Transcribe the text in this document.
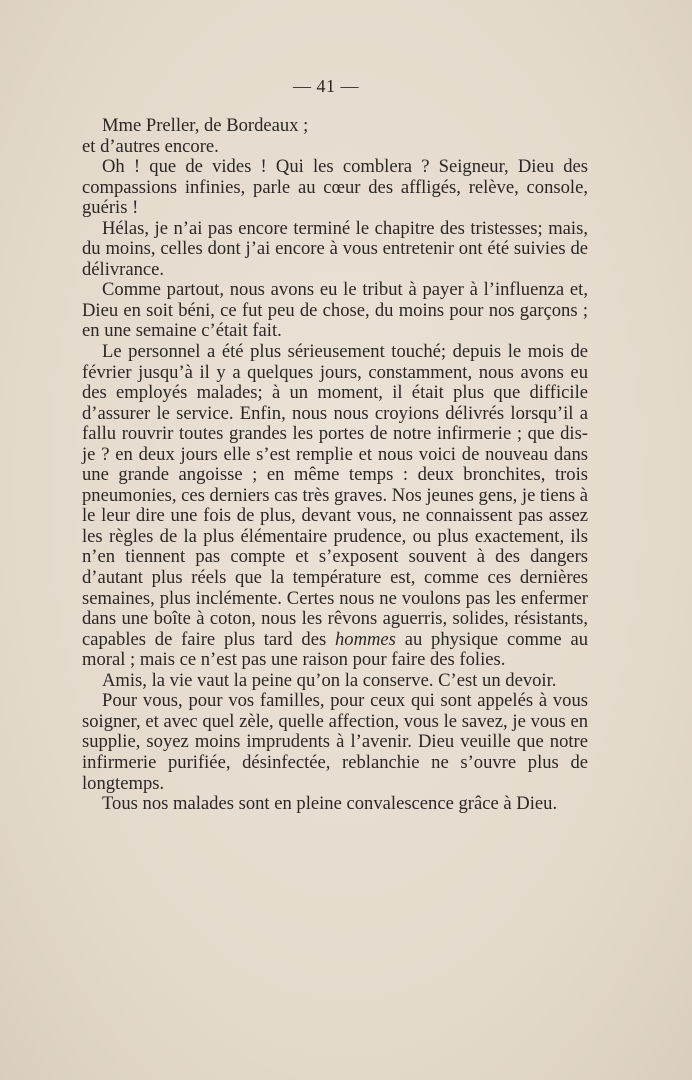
— 41 —

Mme Preller, de Bordeaux ;

et d’autres encore.

Oh ! que de vides ! Qui les comblera ? Seigneur, Dieu des compassions infinies, parle au cœur des affligés, relève, console, guéris !

Hélas, je n’ai pas encore terminé le chapitre des tristesses; mais, du moins, celles dont j’ai encore à vous entretenir ont été suivies de délivrance.

Comme partout, nous avons eu le tribut à payer à l’influenza et, Dieu en soit béni, ce fut peu de chose, du moins pour nos garçons ; en une semaine c’était fait.

Le personnel a été plus sérieusement touché; depuis le mois de février jusqu’à il y a quelques jours, constamment, nous avons eu des employés malades; à un moment, il était plus que difficile d’assurer le service. Enfin, nous nous croyions délivrés lorsqu’il a fallu rouvrir toutes grandes les portes de notre infirmerie ; que dis-je ? en deux jours elle s’est remplie et nous voici de nouveau dans une grande angoisse ; en même temps : deux bronchites, trois pneumonies, ces derniers cas très graves. Nos jeunes gens, je tiens à le leur dire une fois de plus, devant vous, ne connaissent pas assez les règles de la plus élémentaire prudence, ou plus exactement, ils n’en tiennent pas compte et s’exposent souvent à des dangers d’autant plus réels que la température est, comme ces dernières semaines, plus inclémente. Certes nous ne voulons pas les enfermer dans une boîte à coton, nous les rêvons aguerris, solides, résistants, capables de faire plus tard des hommes au physique comme au moral ; mais ce n’est pas une raison pour faire des folies.

Amis, la vie vaut la peine qu’on la conserve. C’est un devoir.

Pour vous, pour vos familles, pour ceux qui sont appelés à vous soigner, et avec quel zèle, quelle affection, vous le savez, je vous en supplie, soyez moins imprudents à l’avenir. Dieu veuille que notre infirmerie purifiée, désinfectée, reblanchie ne s’ouvre plus de longtemps.

Tous nos malades sont en pleine convalescence grâce à Dieu.
